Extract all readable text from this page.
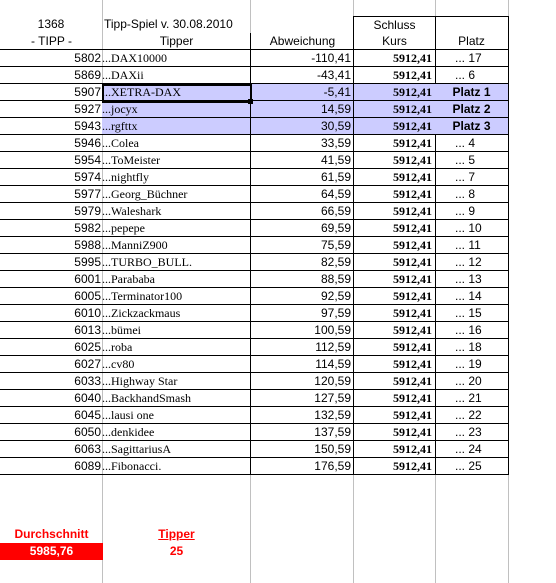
1368	Tipp-Spiel v. 30.08.2010	Schluss
- TIPP -	Tipper	Abweichung	Kurs	Platz
5802 ...DAX10000	-110,41	5912,41	... 17
5869 ...DAXii	-43,41	5912,41	... 6
5907 ...XETRA-DAX	-5,41	5912,41	Platz 1
5927 ...jocyx	14,59	5912,41	Platz 2
5943 ...rgfttx	30,59	5912,41	Platz 3
5946 ...Colea	33,59	5912,41	... 4
5954 ...ToMeister	41,59	5912,41	... 5
5974 ...nightfly	61,59	5912,41	... 7
5977 ...Georg_Büchner	64,59	5912,41	... 8
5979 ...Waleshark	66,59	5912,41	... 9
5982 ...pepepe	69,59	5912,41	... 10
5988 ...ManniZ900	75,59	5912,41	... 11
5995 ...TURBO_BULL.	82,59	5912,41	... 12
6001 ...Parababa	88,59	5912,41	... 13
6005 ...Terminator100	92,59	5912,41	... 14
6010 ...Zickzackmaus	97,59	5912,41	... 15
6013 ...bümei	100,59	5912,41	... 16
6025 ...roba	112,59	5912,41	... 18
6027 ...cv80	114,59	5912,41	... 19
6033 ...Highway Star	120,59	5912,41	... 20
6040 ...BackhandSmash	127,59	5912,41	... 21
6045 ...lausi one	132,59	5912,41	... 22
6050 ...denkidee	137,59	5912,41	... 23
6063 ...SagittariusA	150,59	5912,41	... 24
6089 ...Fibonacci.	176,59	5912,41	... 25
Durchschnitt	Tipper
5985,76	25
